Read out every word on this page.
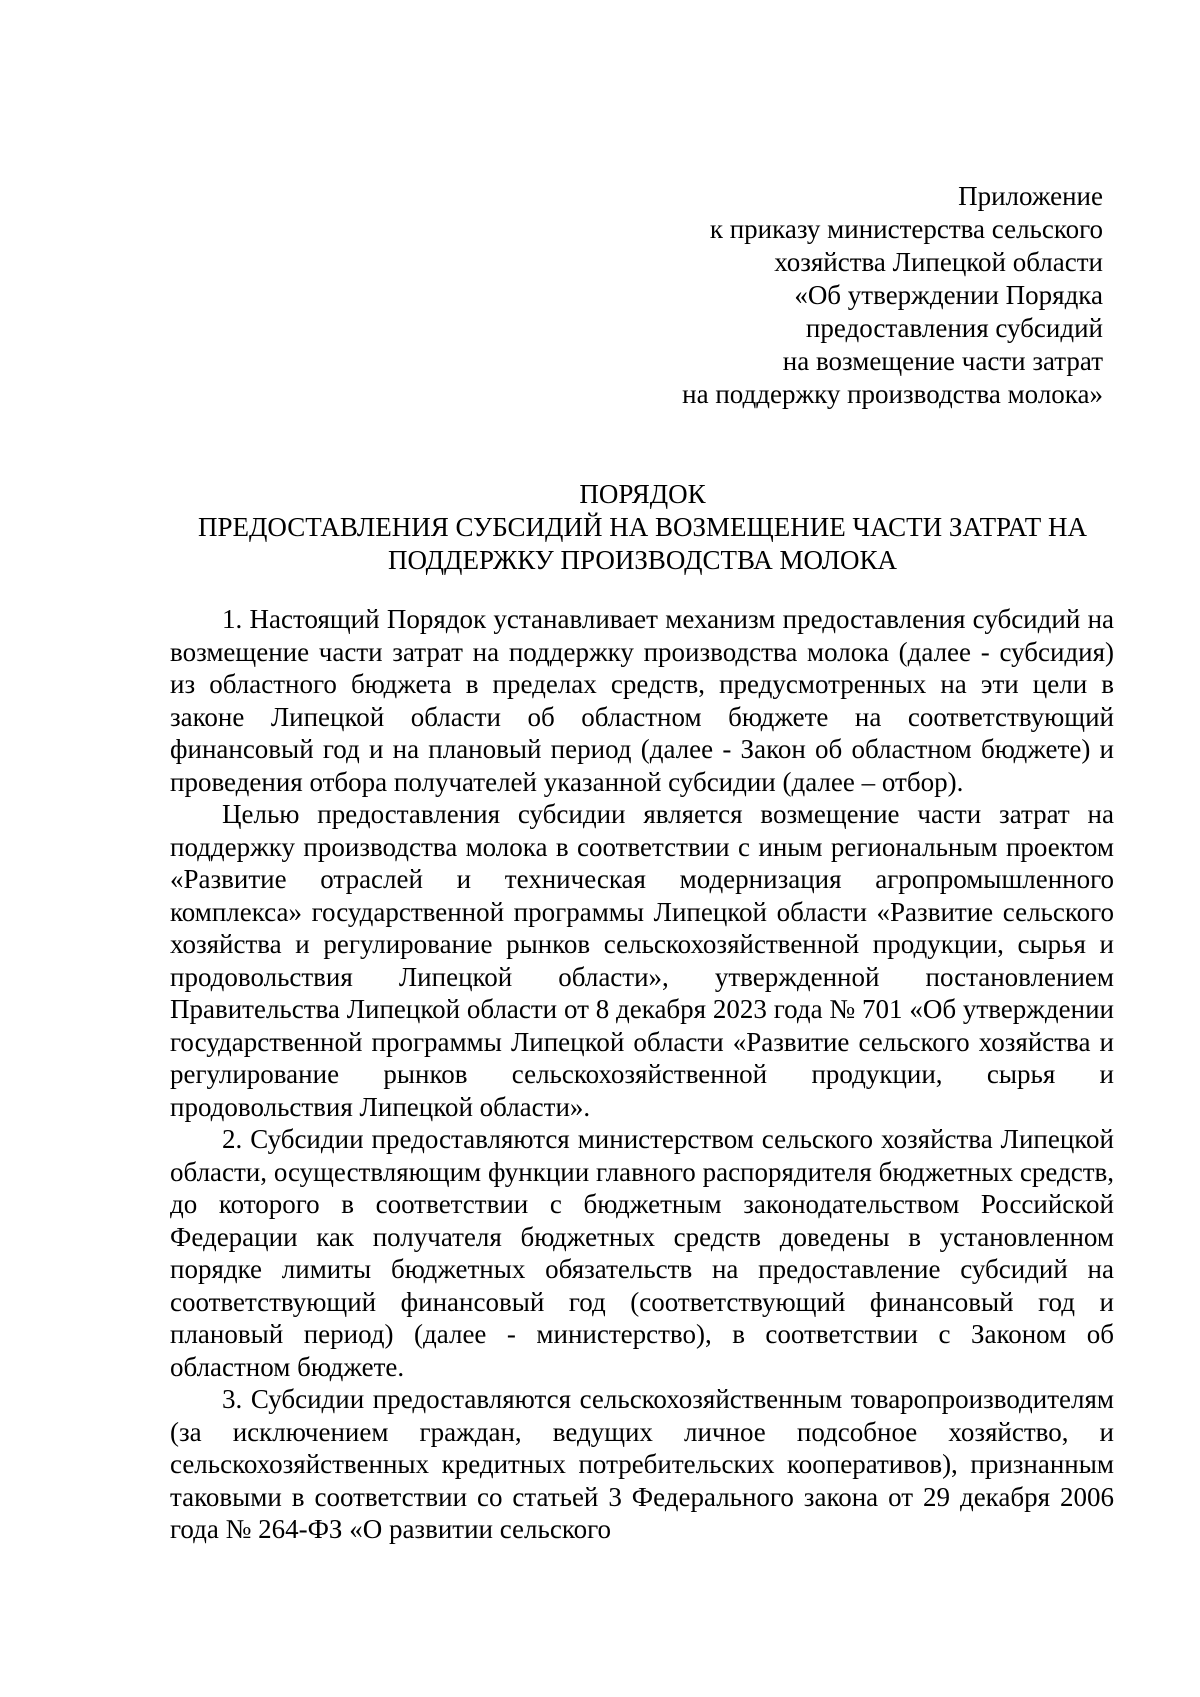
Приложение
к приказу министерства сельского
хозяйства Липецкой области
«Об утверждении Порядка
предоставления субсидий
на возмещение части затрат
на поддержку производства молока»
ПОРЯДОК
ПРЕДОСТАВЛЕНИЯ СУБСИДИЙ НА ВОЗМЕЩЕНИЕ ЧАСТИ ЗАТРАТ НА
ПОДДЕРЖКУ ПРОИЗВОДСТВА МОЛОКА

1. Настоящий Порядок устанавливает механизм предоставления субсидий на возмещение части затрат на поддержку производства молока (далее - субсидия) из областного бюджета в пределах средств, предусмотренных на эти цели в законе Липецкой области об областном бюджете на соответствующий финансовый год и на плановый период (далее - Закон об областном бюджете) и проведения отбора получателей указанной субсидии (далее – отбор).

Целью предоставления субсидии является возмещение части затрат на поддержку производства молока в соответствии с иным региональным проектом «Развитие отраслей и техническая модернизация агропромышленного комплекса» государственной программы Липецкой области «Развитие сельского хозяйства и регулирование рынков сельскохозяйственной продукции, сырья и продовольствия Липецкой области», утвержденной постановлением Правительства Липецкой области от 8 декабря 2023 года № 701 «Об утверждении государственной программы Липецкой области «Развитие сельского хозяйства и регулирование рынков сельскохозяйственной продукции, сырья и продовольствия Липецкой области».

2. Субсидии предоставляются министерством сельского хозяйства Липецкой области, осуществляющим функции главного распорядителя бюджетных средств, до которого в соответствии с бюджетным законодательством Российской Федерации как получателя бюджетных средств доведены в установленном порядке лимиты бюджетных обязательств на предоставление субсидий на соответствующий финансовый год (соответствующий финансовый год и плановый период) (далее - министерство), в соответствии с Законом об областном бюджете.

3. Субсидии предоставляются сельскохозяйственным товаропроизводителям (за исключением граждан, ведущих личное подсобное хозяйство, и сельскохозяйственных кредитных потребительских кооперативов), признанным таковыми в соответствии со статьей 3 Федерального закона от 29 декабря 2006 года № 264-ФЗ «О развитии сельского
